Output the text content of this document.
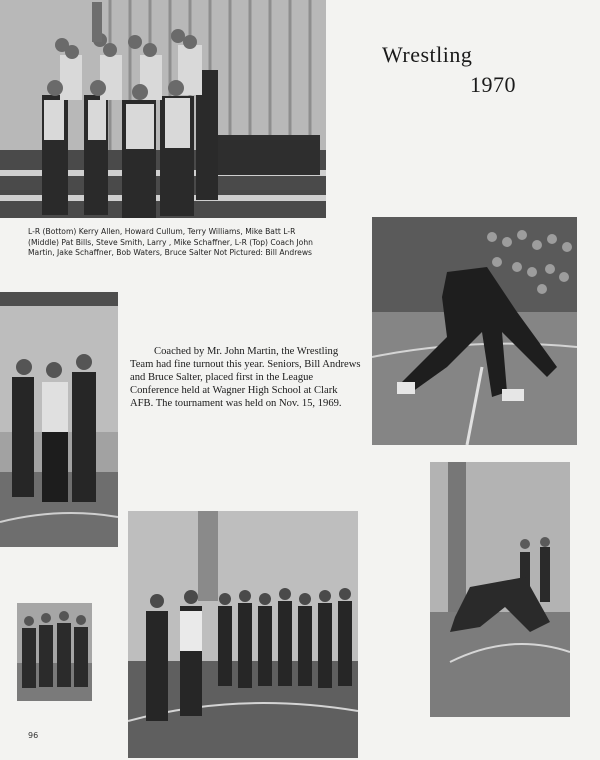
Wrestling
1970
L-R (Bottom) Kerry Allen, Howard Cullum, Terry Williams, Mike Batt L-R (Middle) Pat Bills, Steve Smith, Larry , Mike Schaffner, L-R (Top) Coach John Martin, Jake Schaffner, Bob Waters, Bruce Salter Not Pictured: Bill Andrews

Coached by Mr. John Martin, the Wrestling Team had fine turnout this year. Seniors, Bill Andrews and Bruce Salter, placed first in the League Conference held at Wagner High School at Clark AFB. The tournament was held on Nov. 15, 1969.

96
